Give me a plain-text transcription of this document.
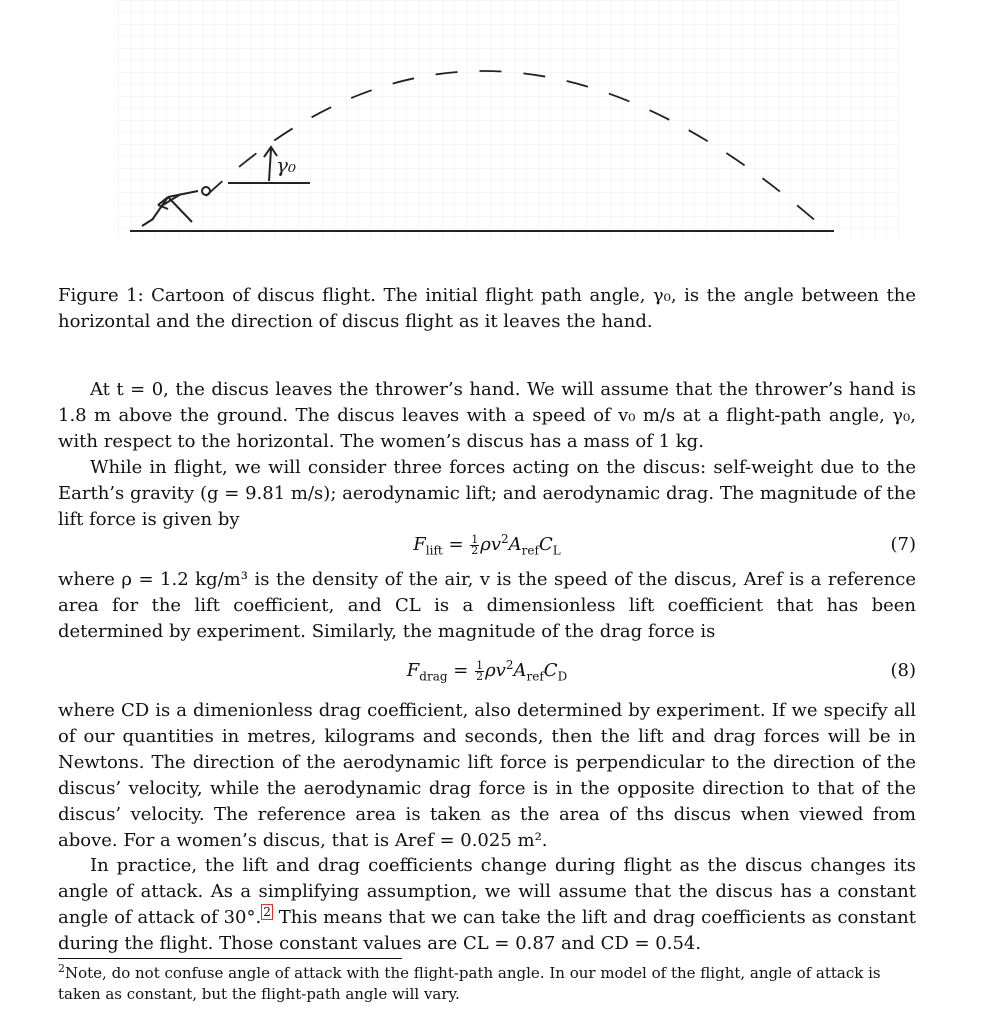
γ₀
Figure 1: Cartoon of discus flight. The initial flight path angle, γ₀, is the angle between the horizontal and the direction of discus flight as it leaves the hand.
At t = 0, the discus leaves the thrower’s hand. We will assume that the thrower’s hand is 1.8 m above the ground. The discus leaves with a speed of v₀ m/s at a flight-path angle, γ₀, with respect to the horizontal. The women’s discus has a mass of 1 kg.
While in flight, we will consider three forces acting on the discus: self-weight due to the Earth’s gravity (g = 9.81 m/s); aerodynamic lift; and aerodynamic drag. The magnitude of the lift force is given by
$F_{lift} = \frac{1}{2} \rho v^2A_{ref}C_L$	(7)
where ρ = 1.2 kg/m³ is the density of the air, v is the speed of the discus, Aref is a reference area for the lift coefficient, and CL is a dimensionless lift coefficient that has been determined by experiment. Similarly, the magnitude of the drag force is
$F_{drag} = \frac{1}{2} \rho v^2A_{ref}C_D$	(8)
where CD is a dimenionless drag coefficient, also determined by experiment. If we specify all of our quantities in metres, kilograms and seconds, then the lift and drag forces will be in Newtons. The direction of the aerodynamic lift force is perpendicular to the direction of the discus’ velocity, while the aerodynamic drag force is in the opposite direction to that of the discus’ velocity. The reference area is taken as the area of ths discus when viewed from above. For a women’s discus, that is Aref = 0.025 m².
In practice, the lift and drag coefficients change during flight as the discus changes its angle of attack. As a simplifying assumption, we will assume that the discus has a constant angle of attack of 30°. $^2$ This means that we can take the lift and drag coefficients as constant during the flight. Those constant values are CL = 0.87 and CD = 0.54.
$^2$Note, do not confuse angle of attack with the flight-path angle. In our model of the flight, angle of attack is taken as constant, but the flight-path angle will vary.
